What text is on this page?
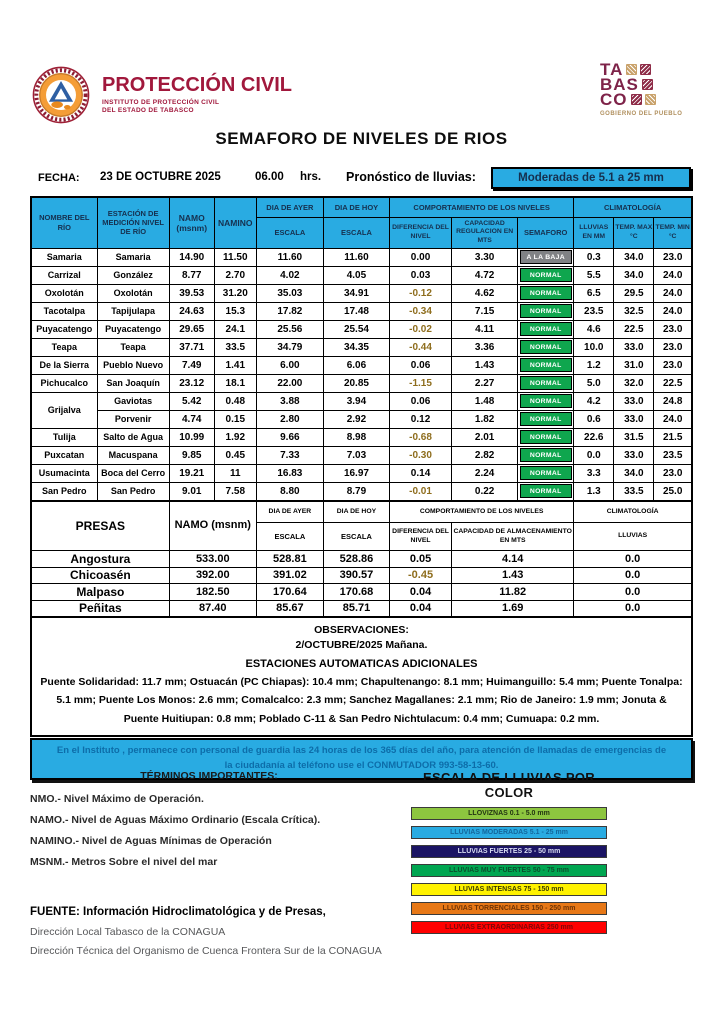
PROTECCIÓN CIVIL
INSTITUTO DE PROTECCIÓN CIVIL
DEL ESTADO DE TABASCO
TA
BAS
CO
GOBIERNO DEL PUEBLO
SEMAFORO DE NIVELES DE RIOS
FECHA: 23 DE OCTUBRE 2025	06.00 hrs. Pronóstico de lluvias:	Moderadas de 5.1 a 25 mm
NOMBRE DEL RÍO	ESTACIÓN DE MEDICIÓN NIVEL DE RÍO	NAMO (msnm)	NAMINO	DIA DE AYER	DIA DE HOY	COMPORTAMIENTO DE LOS NIVELES			CLIMATOLOGÍA		
				ESCALA	ESCALA	DIFERENCIA DEL NIVEL	CAPACIDAD REGULACION EN MTS	SEMAFORO	LLUVIAS EN MM	TEMP. MAX °C	TEMP. MIN °C
Samaria	Samaria	14.90	11.50	11.60	11.60	0.00	3.30	A LA BAJA	0.3	34.0	23.0
Carrizal	González	8.77	2.70	4.02	4.05	0.03	4.72	NORMAL	5.5	34.0	24.0
Oxolotán	Oxolotán	39.53	31.20	35.03	34.91	-0.12	4.62	NORMAL	6.5	29.5	24.0
Tacotalpa	Tapijulapa	24.63	15.3	17.82	17.48	-0.34	7.15	NORMAL	23.5	32.5	24.0
Puyacatengo	Puyacatengo	29.65	24.1	25.56	25.54	-0.02	4.11	NORMAL	4.6	22.5	23.0
Teapa	Teapa	37.71	33.5	34.79	34.35	-0.44	3.36	NORMAL	10.0	33.0	23.0
De la Sierra	Pueblo Nuevo	7.49	1.41	6.00	6.06	0.06	1.43	NORMAL	1.2	31.0	23.0
Pichucalco	San Joaquín	23.12	18.1	22.00	20.85	-1.15	2.27	NORMAL	5.0	32.0	22.5
Grijalva	Gaviotas	5.42	0.48	3.88	3.94	0.06	1.48	NORMAL	4.2	33.0	24.8
	Porvenir	4.74	0.15	2.80	2.92	0.12	1.82	NORMAL	0.6	33.0	24.0
Tulija	Salto de Agua	10.99	1.92	9.66	8.98	-0.68	2.01	NORMAL	22.6	31.5	21.5
Puxcatan	Macuspana	9.85	0.45	7.33	7.03	-0.30	2.82	NORMAL	0.0	33.0	23.5
Usumacinta	Boca del Cerro	19.21	11	16.83	16.97	0.14	2.24	NORMAL	3.3	34.0	23.0
San Pedro	San Pedro	9.01	7.58	8.80	8.79	-0.01	0.22	NORMAL	1.3	33.5	25.0
PRESAS	NAMO (msnm)	DIA DE AYER	DIA DE HOY	COMPORTAMIENTO DE LOS NIVELES		CLIMATOLOGÍA
		ESCALA	ESCALA	DIFERENCIA DEL NIVEL	CAPACIDAD DE ALMACENAMIENTO EN MTS	LLUVIAS
Angostura	533.00	528.81	528.86	0.05	4.14	0.0
Chicoasén	392.00	391.02	390.57	-0.45	1.43	0.0
Malpaso	182.50	170.64	170.68	0.04	11.82	0.0
Peñitas	87.40	85.67	85.71	0.04	1.69	0.0
OBSERVACIONES:
2/OCTUBRE/2025 Mañana.
ESTACIONES AUTOMATICAS ADICIONALES
Puente Solidaridad: 11.7 mm; Ostuacán (PC Chiapas): 10.4 mm; Chapultenango: 8.1 mm; Huimanguillo: 5.4 mm; Puente Tonalpa: 5.1 mm; Puente Los Monos: 2.6 mm; Comalcalco: 2.3 mm; Sanchez Magallanes: 2.1 mm; Rio de Janeiro: 1.9 mm; Jonuta & Puente Huitiupan: 0.8 mm; Poblado C-11 & San Pedro Nichtulacum: 0.4 mm; Cumuapa: 0.2 mm.
En el Instituto , permanece con personal de guardia las 24 horas de los 365 días del año, para atención de llamadas de emergencias de la ciudadanía al teléfono use el CONMUTADOR 993-58-13-60.
TÉRMINOS IMPORTANTES:
NMO.- Nivel Máximo de Operación.
NAMO.- Nivel de Aguas Máximo Ordinario (Escala Crítica).
NAMINO.- Nivel de Aguas Mínimas de Operación
MSNM.- Metros Sobre el nivel del mar
ESCALA DE LLUVIAS POR COLOR
LLOVIZNAS 0.1 - 5.0 mm
LLUVIAS MODERADAS 5.1 - 25 mm
LLUVIAS FUERTES 25 - 50 mm
LLUVIAS MUY FUERTES 50 - 75 mm
LLUVIAS INTENSAS 75 - 150 mm
LLUVIAS TORRENCIALES 150 - 250 mm
LLUVIAS EXTRAORDINARIAS 250 mm
FUENTE: Información Hidroclimatológica y de Presas,
Dirección Local Tabasco de la CONAGUA
Dirección Técnica del Organismo de Cuenca Frontera Sur de la CONAGUA
